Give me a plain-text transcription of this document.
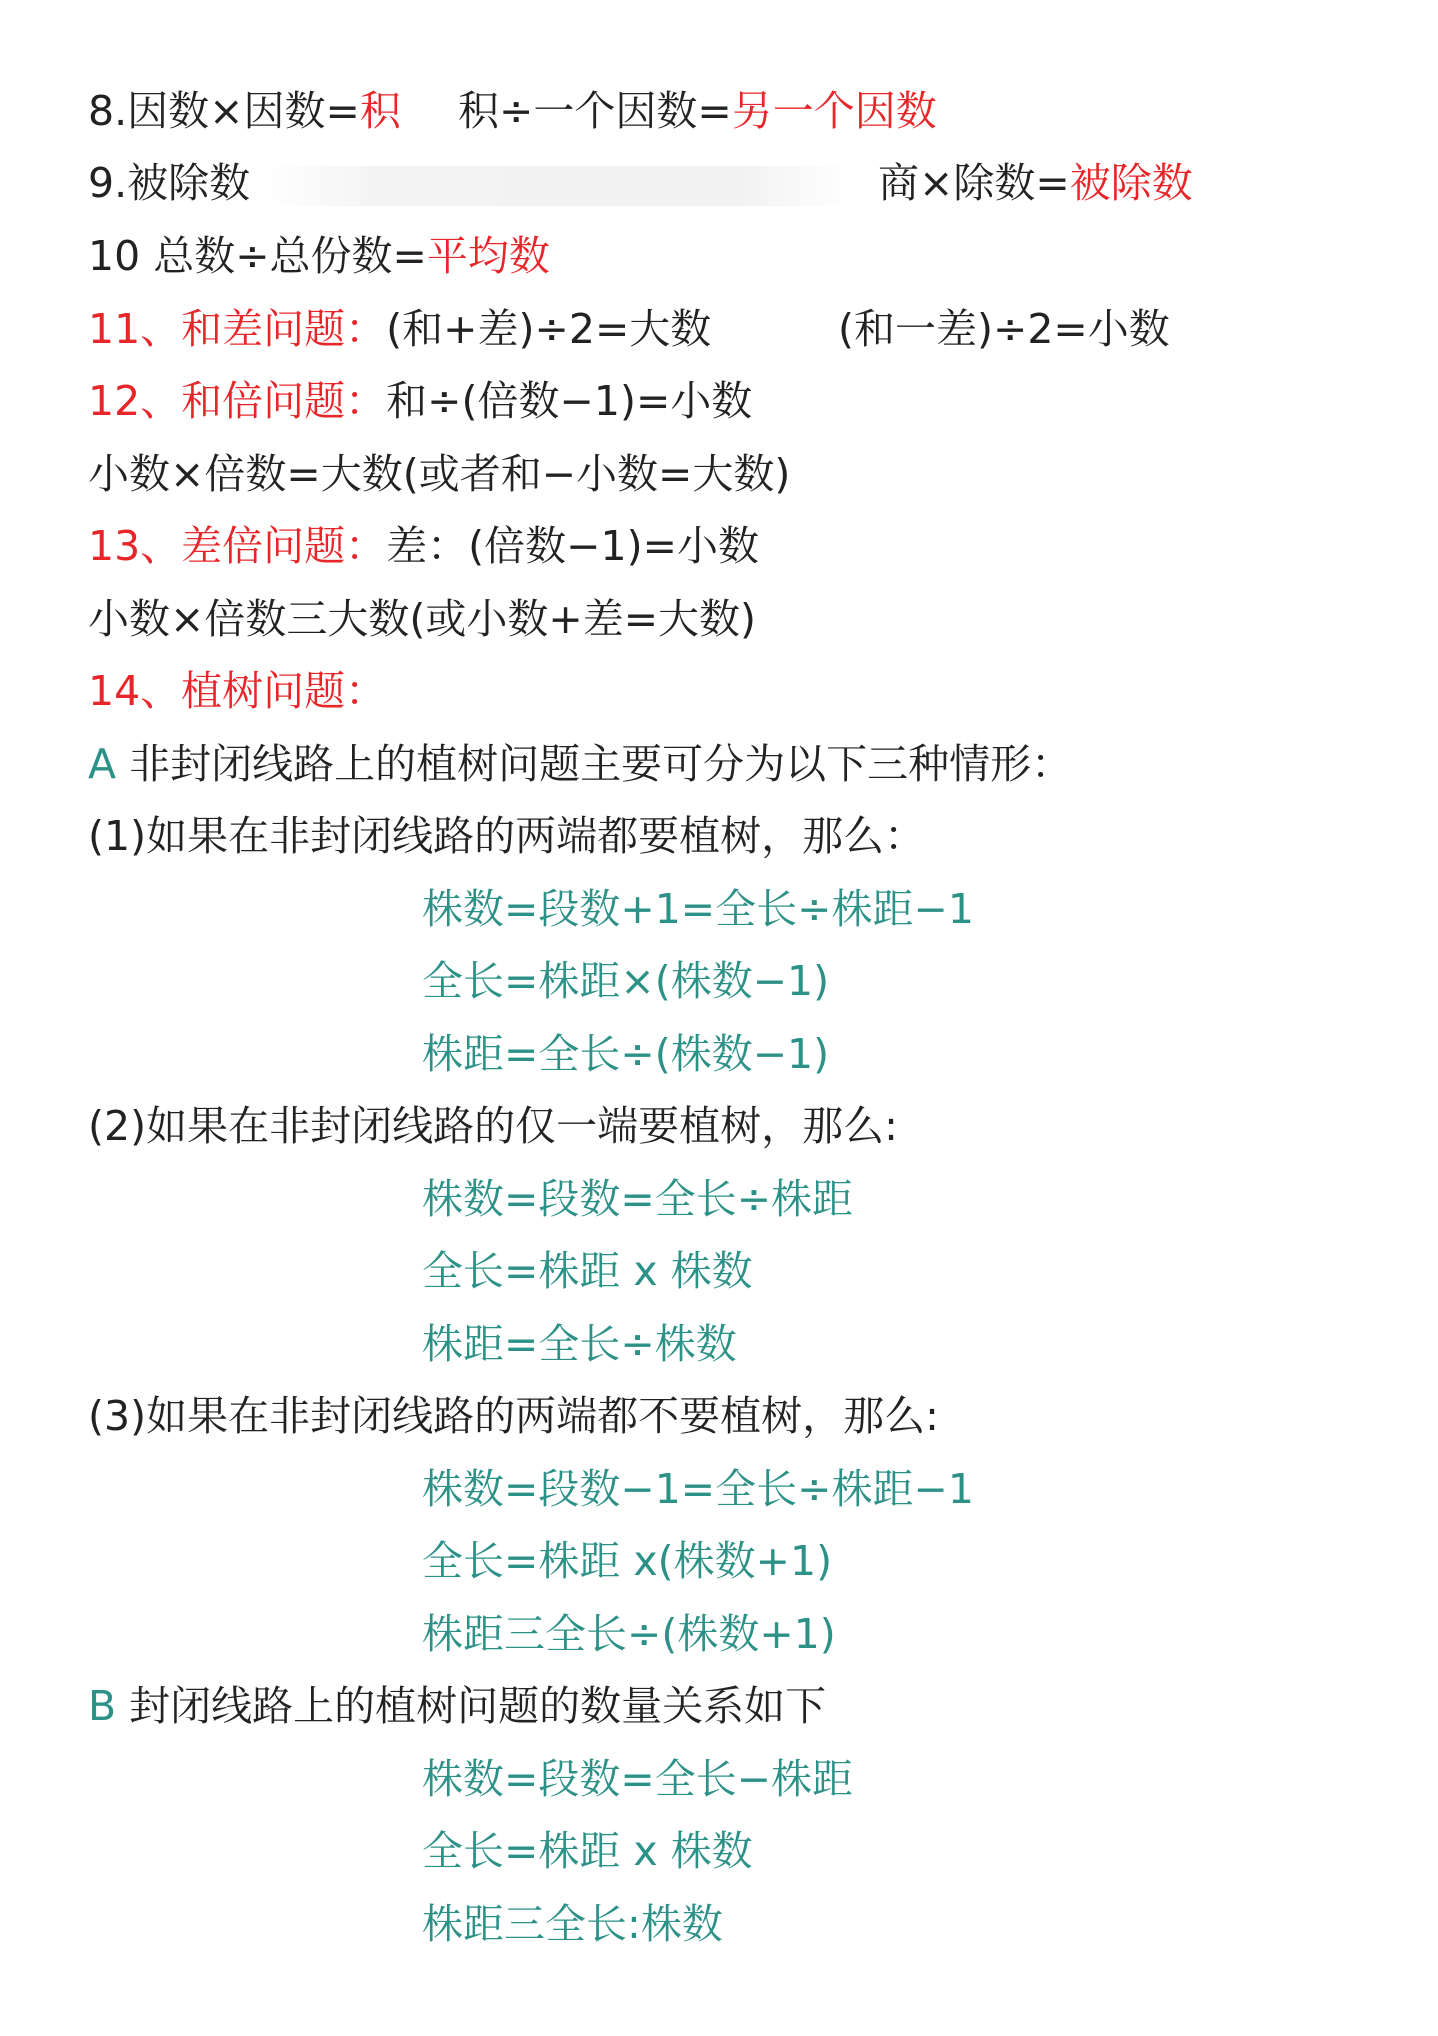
8.因数×因数=积 积÷一个因数=另一个因数
9.被除数	商×除数=被除数
10 总数÷总份数=平均数
11、和差问题：(和+差)÷2=大数	(和一差)÷2=小数
12、和倍问题：和÷(倍数−1)=小数
小数×倍数=大数(或者和−小数=大数)
13、差倍问题：差：(倍数−1)=小数
小数×倍数三大数(或小数+差=大数)
14、植树问题：
A 非封闭线路上的植树问题主要可分为以下三种情形：
(1)如果在非封闭线路的两端都要植树，那么：
株数=段数+1=全长÷株距−1
全长=株距×(株数−1)
株距=全长÷(株数−1)
(2)如果在非封闭线路的仅一端要植树，那么:
株数=段数=全长÷株距
全长=株距 x 株数
株距=全长÷株数
(3)如果在非封闭线路的两端都不要植树，那么:
株数=段数−1=全长÷株距−1
全长=株距 x(株数+1)
株距三全长÷(株数+1)
B 封闭线路上的植树问题的数量关系如下
株数=段数=全长−株距
全长=株距 x 株数
株距三全长:株数
